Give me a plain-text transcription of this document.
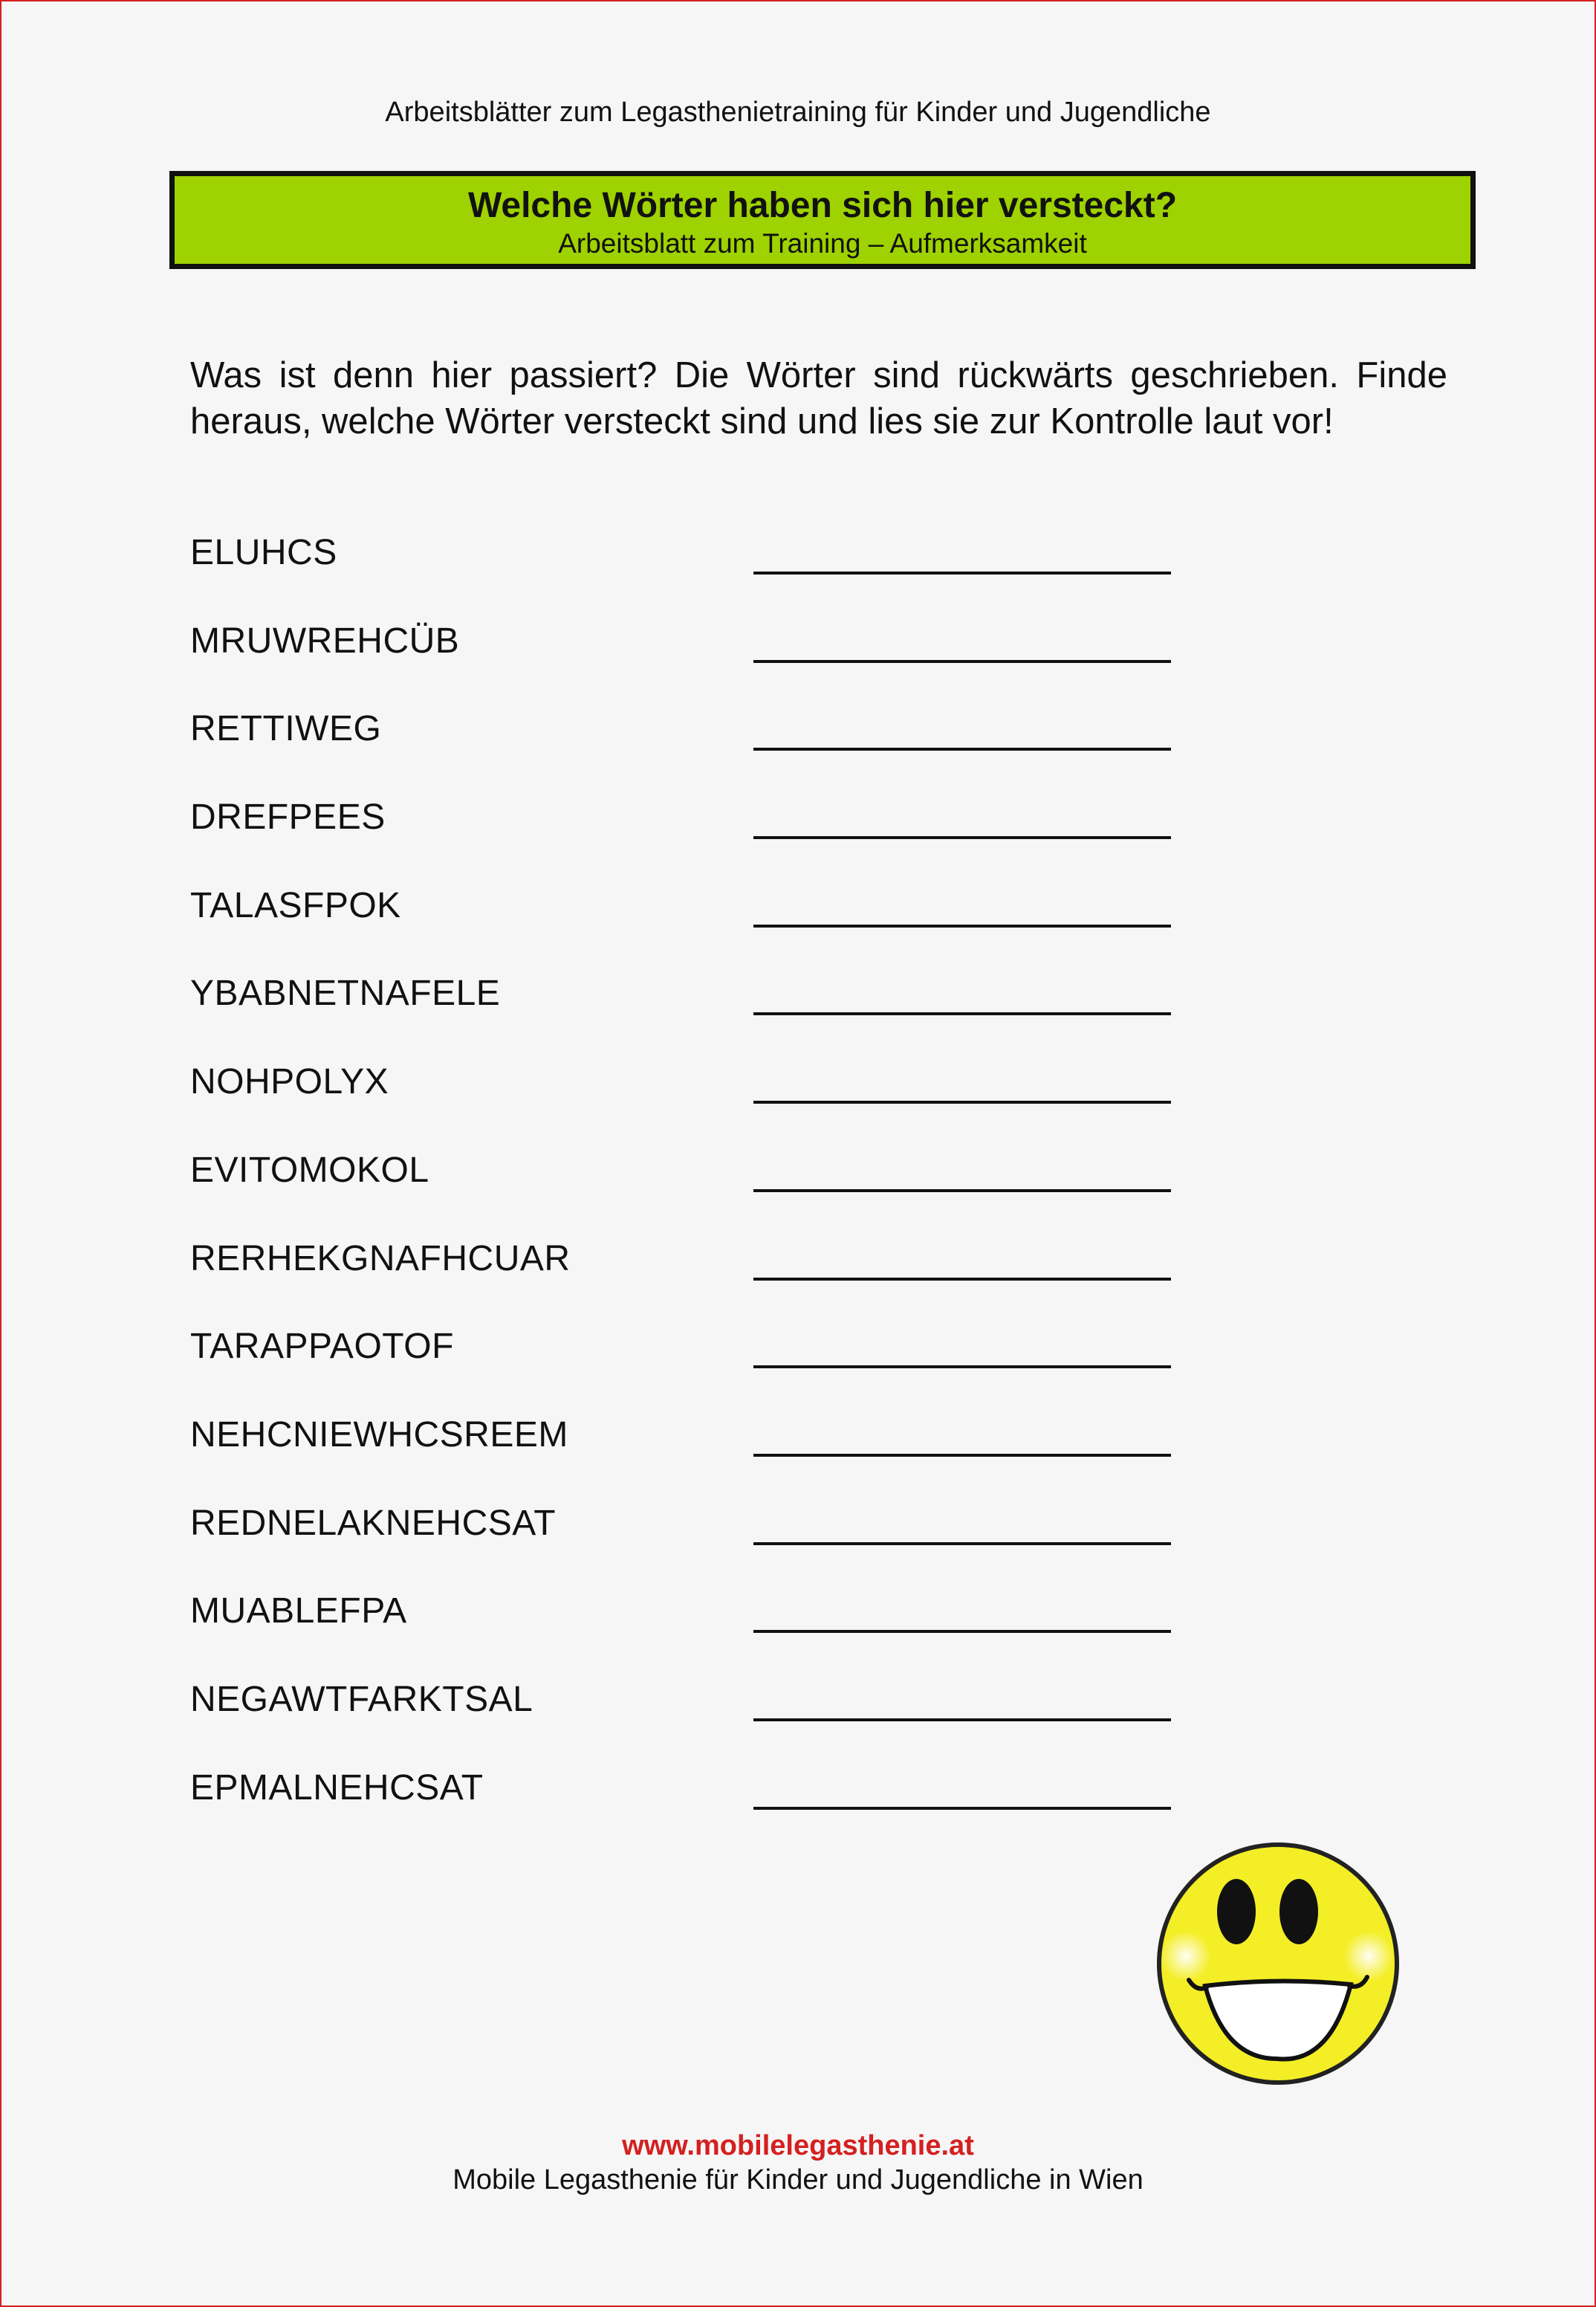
Arbeitsblätter zum Legasthenietraining für Kinder und Jugendliche
Welche Wörter haben sich hier versteckt?
Arbeitsblatt zum Training – Aufmerksamkeit
Was ist denn hier passiert? Die Wörter sind rückwärts geschrieben. Finde heraus, welche Wörter versteckt sind und lies sie zur Kontrolle laut vor!
ELUHCS
MRUWREHCÜB
RETTIWEG
DREFPEES
TALASFPOK
YBABNETNAFELE
NOHPOLYX
EVITOMOKOL
RERHEKGNAFHCUAR
TARAPPAOTOF
NEHCNIEWHCSREEM
REDNELAKNEHCSAT
MUABLEFPA
NEGAWTFARKTSAL
EPMALNEHCSAT
www.mobilelegasthenie.at
Mobile Legasthenie für Kinder und Jugendliche in Wien
